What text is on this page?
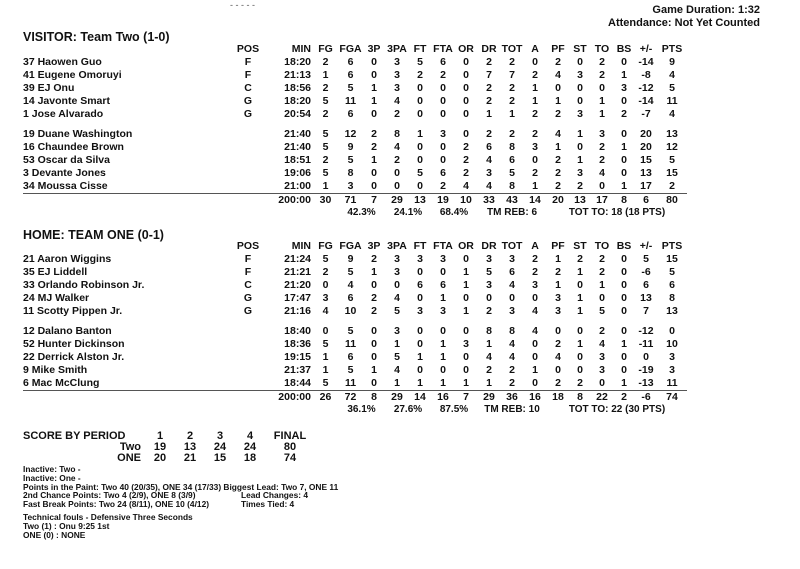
- - - - -	Game Duration: 1:32
Attendance: Not Yet Counted
VISITOR: Team Two (1-0)
	POS	MIN	FG	FGA	3P	3PA	FT	FTA	OR	DR	TOT	A	PF	ST	TO	BS	+/-	PTS
37 Haowen Guo	F	18:20	2	6	0	3	5	6	0	2	2	0	2	0	2	0	-14	9
41 Eugene Omoruyi	F	21:13	1	6	0	3	2	2	0	7	7	2	4	3	2	1	-8	4
39 EJ Onu	C	18:56	2	5	1	3	0	0	0	2	2	1	0	0	0	3	-12	5
14 Javonte Smart	G	18:20	5	11	1	4	0	0	0	2	2	1	1	0	1	0	-14	11
1 Jose Alvarado	G	20:54	2	6	0	2	0	0	0	1	1	2	2	3	1	2	-7	4

19 Duane Washington		21:40	5	12	2	8	1	3	0	2	2	2	4	1	3	0	20	13
16 Chaundee Brown		21:40	5	9	2	4	0	0	2	6	8	3	1	0	2	1	20	12
53 Oscar da Silva		18:51	2	5	1	2	0	0	2	4	6	0	2	1	2	0	15	5
3 Devante Jones		19:06	5	8	0	0	5	6	2	3	5	2	2	3	4	0	13	15
34 Moussa Cisse		21:00	1	3	0	0	0	2	4	4	8	1	2	2	0	1	17	2
		200:00	30	71	7	29	13	19	10	33	43	14	20	13	17	8	6	80
				42.3%		24.1%		68.4%		TM REB: 6			TOT TO: 18 (18 PTS)					
HOME: TEAM ONE (0-1)
	POS	MIN	FG	FGA	3P	3PA	FT	FTA	OR	DR	TOT	A	PF	ST	TO	BS	+/-	PTS
21 Aaron Wiggins	F	21:24	5	9	2	3	3	3	0	3	3	2	1	2	2	0	5	15
35 EJ Liddell	F	21:21	2	5	1	3	0	0	1	5	6	2	2	1	2	0	-6	5
33 Orlando Robinson Jr.	C	21:20	0	4	0	0	6	6	1	3	4	3	1	0	1	0	6	6
24 MJ Walker	G	17:47	3	6	2	4	0	1	0	0	0	0	3	1	0	0	13	8
11 Scotty Pippen Jr.	G	21:16	4	10	2	5	3	3	1	2	3	4	3	1	5	0	7	13

12 Dalano Banton		18:40	0	5	0	3	0	0	0	8	8	4	0	0	2	0	-12	0
52 Hunter Dickinson		18:36	5	11	0	1	0	1	3	1	4	0	2	1	4	1	-11	10
22 Derrick Alston Jr.		19:15	1	6	0	5	1	1	0	4	4	0	4	0	3	0	0	3
9 Mike Smith		21:37	1	5	1	4	0	0	0	2	2	1	0	0	3	0	-19	3
6 Mac McClung		18:44	5	11	0	1	1	1	1	1	2	0	2	2	0	1	-13	11
		200:00	26	72	8	29	14	16	7	29	36	16	18	8	22	2	-6	74
				36.1%		27.6%		87.5%		TM REB: 10			TOT TO: 22 (30 PTS)					
SCORE BY PERIOD	1	2	3	4	FINAL
Two	19	13	24	24	80
ONE	20	21	15	18	74
Inactive: Two -
Inactive: One -
Points in the Paint: Two 40 (20/35), ONE 34 (17/33) Biggest Lead: Two 7, ONE 11
2nd Chance Points: Two 4 (2/9), ONE 8 (3/9)	Lead Changes: 4
Fast Break Points: Two 24 (8/11), ONE 10 (4/12)	Times Tied: 4
Technical fouls - Defensive Three Seconds
Two (1) : Onu 9:25 1st
ONE (0) : NONE
